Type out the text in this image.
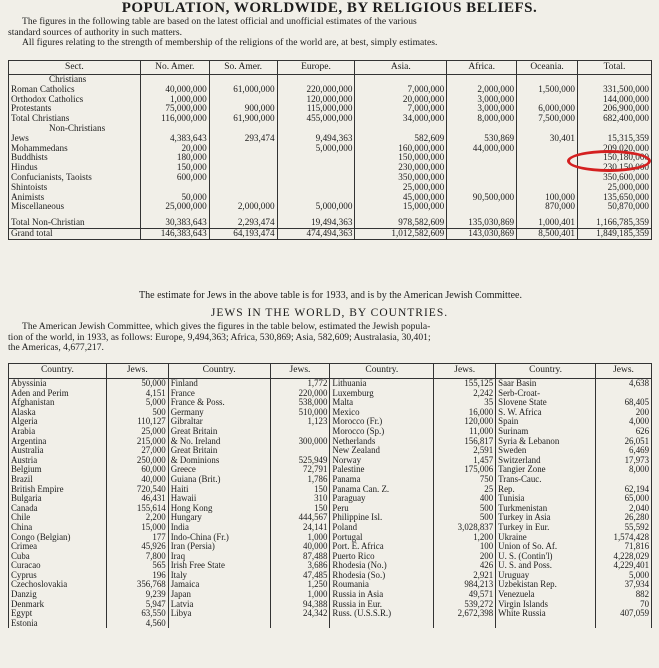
POPULATION, WORLDWIDE, BY RELIGIOUS BELIEFS.
The figures in the following table are based on the latest official and unofficial estimates of the various
standard sources of authority in such matters.
All figures relating to the strength of membership of the religions of the world are, at best, simply estimates.
Sect.	No. Amer.	So. Amer.	Europe.	Asia.	Africa.	Oceania.	Total.
Christians							
Roman Catholics	40,000,000	61,000,000	220,000,000	7,000,000	2,000,000	1,500,000	331,500,000
Orthodox Catholics	1,000,000		120,000,000	20,000,000	3,000,000		144,000,000
Protestants	75,000,000	900,000	115,000,000	7,000,000	3,000,000	6,000,000	206,900,000

Total Christians	116,000,000	61,900,000	455,000,000	34,000,000	8,000,000	7,500,000	682,400,000
Non-Christians							
Jews	4,383,643	293,474	9,494,363	582,609	530,869	30,401	15,315,359
Mohammedans	20,000		5,000,000	160,000,000	44,000,000		209,020,000
Buddhists	180,000			150,000,000			150,180,000
Hindus	150,000			230,000,000			230,150,000
Confucianists, Taoists	600,000			350,000,000			350,600,000
Shintoists				25,000,000			25,000,000
Animists	50,000			45,000,000	90,500,000	100,000	135,650,000
Miscellaneous	25,000,000	2,000,000	5,000,000	15,000,000		870,000	50,870,000

Total Non-Christian	30,383,643	2,293,474	19,494,363	978,582,609	135,030,869	1,000,401	1,166,785,359
Grand total	146,383,643	64,193,474	474,494,363	1,012,582,609	143,030,869	8,500,401	1,849,185,359
The estimate for Jews in the above table is for 1933, and is by the American Jewish Committee.
JEWS IN THE WORLD, BY COUNTRIES.
The American Jewish Committee, which gives the figures in the table below, estimated the Jewish popula-
tion of the world, in 1933, as follows: Europe, 9,494,363; Africa, 530,869; Asia, 582,609; Australasia, 30,401;
the Americas, 4,677,217.
Country.	Jews.	Country.	Jews.	Country.	Jews.	Country.	Jews.
Abyssinia	50,000	Finland	1,772	Lithuania	155,125	Saar Basin	4,638
Aden and Perim	4,151	France	220,000	Luxemburg	2,242	Serb-Croat-	
Afghanistan	5,000	France & Poss.	538,000	Malta	35	Slovene State	68,405
Alaska	500	Germany	510,000	Mexico	16,000	S. W. Africa	200
Algeria	110,127	Gibraltar	1,123	Morocco (Fr.)	120,000	Spain	4,000
Arabia	25,000	Great Britain		Morocco (Sp.)	11,000	Surinam	626
Argentina	215,000	& No. Ireland	300,000	Netherlands	156,817	Syria & Lebanon	26,051
Australia	27,000	Great Britain		New Zealand	2,591	Sweden	6,469
Austria	250,000	& Dominions	525,949	Norway	1,457	Switzerland	17,973
Belgium	60,000	Greece	72,791	Palestine	175,006	Tangier Zone	8,000
Brazil	40,000	Guiana (Brit.)	1,786	Panama	750	Trans-Cauc.	
British Empire	720,540	Haiti	150	Panama Can. Z.	25	Rep.	62,194
Bulgaria	46,431	Hawaii	310	Paraguay	400	Tunisia	65,000
Canada	155,614	Hong Kong	150	Peru	500	Turkmenistan	2,040
Chile	2,200	Hungary	444,567	Philippine Isl.	500	Turkey in Asia	26,280
China	15,000	India	24,141	Poland	3,028,837	Turkey in Eur.	55,592
Congo (Belgian)	177	Indo-China (Fr.)	1,000	Portugal	1,200	Ukraine	1,574,428
Crimea	45,926	Iran (Persia)	40,000	Port. E. Africa	100	Union of So. Af.	71,816
Cuba	7,800	Iraq	87,488	Puerto Rico	200	U. S. (Contin'l)	4,228,029
Curacao	565	Irish Free State	3,686	Rhodesia (No.)	426	U. S. and Poss.	4,229,401
Cyprus	196	Italy	47,485	Rhodesia (So.)	2,921	Uruguay	5,000
Czechoslovakia	356,768	Jamaica	1,250	Roumania	984,213	Uzbekistan Rep.	37,934
Danzig	9,239	Japan	1,000	Russia in Asia	49,571	Venezuela	882
Denmark	5,947	Latvia	94,388	Russia in Eur.	539,272	Virgin Islands	70
Egypt	63,550	Libya	24,342	Russ. (U.S.S.R.)	2,672,398	White Russia	407,059
Estonia	4,560						
